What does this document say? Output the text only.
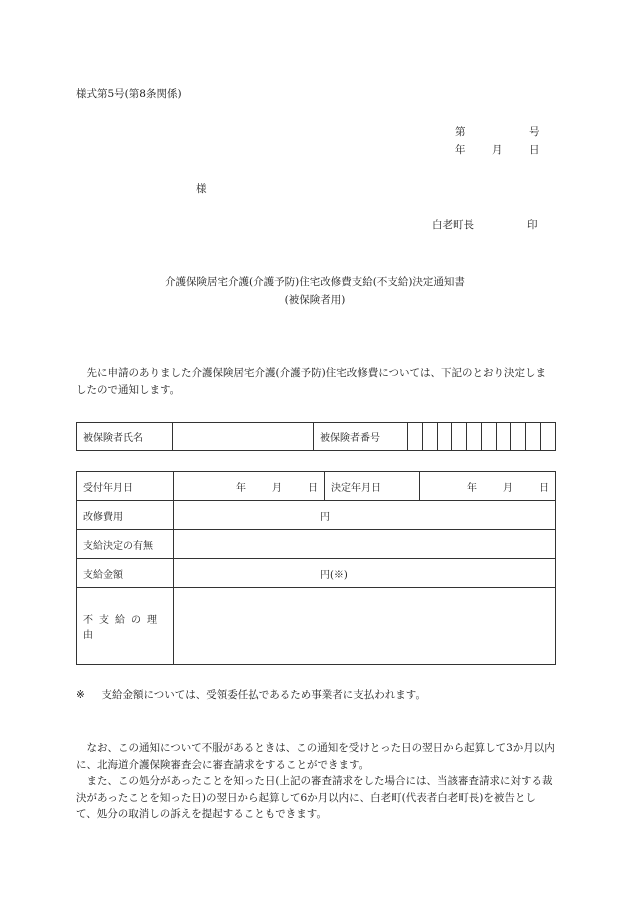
様式第5号(第8条関係)
第	号
年	月	日
様
白老町長	印
介護保険居宅介護(介護予防)住宅改修費支給(不支給)決定通知書
(被保険者用)
先に申請のありました介護保険居宅介護(介護予防)住宅改修費については、下記のとおり決定しましたので通知します。
被保険者氏名		被保険者番号										
受付年月日	年 月 日	決定年月日	年 月 日
改修費用	円		
支給決定の有無			
支給金額	円(※)		
不支給の理由			
※ 支給金額については、受領委任払であるため事業者に支払われます。

なお、この通知について不服があるときは、この通知を受けとった日の翌日から起算して3か月以内に、北海道介護保険審査会に審査請求をすることができます。

また、この処分があったことを知った日(上記の審査請求をした場合には、当該審査請求に対する裁決があったことを知った日)の翌日から起算して6か月以内に、白老町(代表者白老町長)を被告として、処分の取消しの訴えを提起することもできます。
